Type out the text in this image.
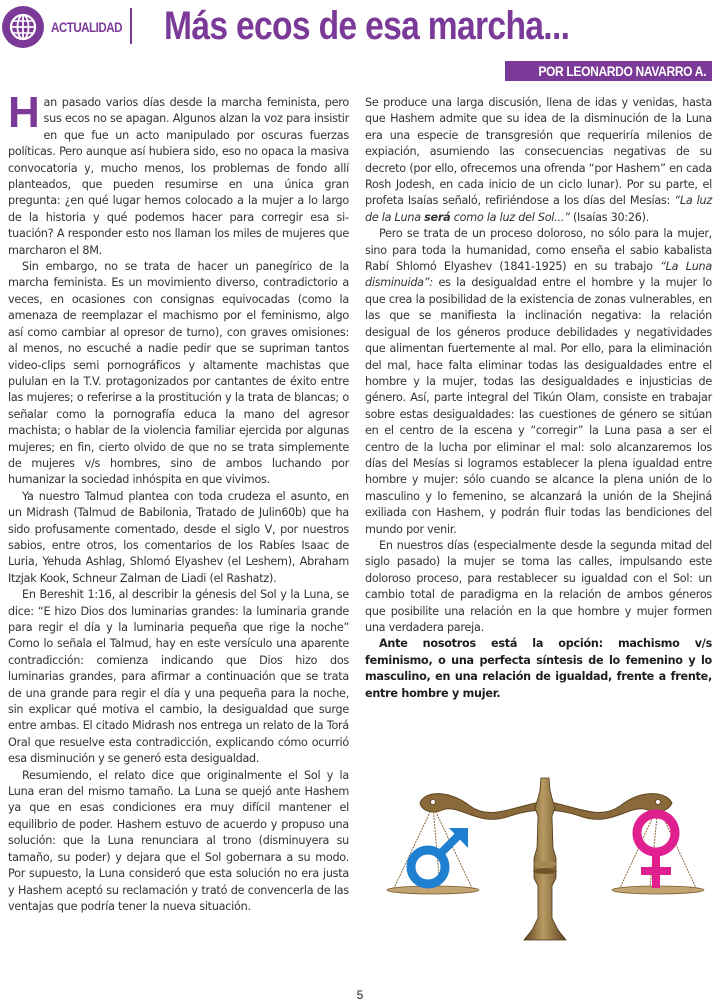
ACTUALIDAD Más ecos de esa marcha...
POR LEONARDO NAVARRO A.

Han pasado varios días desde la marcha feminista, pero sus ecos no se apagan. Algunos alzan la voz para insistir en que fue un acto manipulado por oscuras fuerzas políticas. Pero aunque así hubiera sido, eso no opaca la masiva convocatoria y, mucho menos, los problemas de fondo allí planteados, que pueden resumirse en una única gran pregunta: ¿en qué lugar hemos colocado a la mujer a lo largo de la historia y qué podemos hacer para corregir esa situación? A responder esto nos llaman los miles de mujeres que marcharon el 8M.

Sin embargo, no se trata de hacer un panegírico de la marcha feminista. Es un movimiento diverso, contradictorio a veces, en ocasiones con consignas equivocadas (como la amenaza de reemplazar el machismo por el feminismo, algo así como cambiar al opresor de turno), con graves omisiones: al menos, no escuché a nadie pedir que se supriman tantos video-clips semi pornográficos y altamente machistas que pululan en la T.V. protagonizados por cantantes de éxito entre las mujeres; o referirse a la prostitución y la trata de blancas; o señalar como la pornografía educa la mano del agresor machista; o hablar de la violencia familiar ejercida por algunas mujeres; en fin, cierto olvido de que no se trata simplemente de mujeres v/s hombres, sino de ambos luchando por humanizar la sociedad inhóspita en que vivimos.

Ya nuestro Talmud plantea con toda crudeza el asunto, en un Midrash (Talmud de Babilonia, Tratado de Julin60b) que ha sido profusamente comentado, desde el siglo V, por nuestros sabios, entre otros, los comentarios de los Rabíes Isaac de Luria, Yehuda Ashlag, Shlomó Elyashev (el Leshem), Abraham Itzjak Kook, Schneur Zalman de Liadi (el Rashatz).

En Bereshit 1:16, al describir la génesis del Sol y la Luna, se dice: “E hizo Dios dos luminarias grandes: la luminaria grande para regir el día y la luminaria pequeña que rige la noche” Como lo señala el Talmud, hay en este versículo una aparente contradicción: comienza indicando que Dios hizo dos luminarias grandes, para afirmar a continuación que se trata de una grande para regir el día y una pequeña para la noche, sin explicar qué motiva el cambio, la desigualdad que surge entre ambas. El citado Midrash nos entrega un relato de la Torá Oral que resuelve esta contradicción, explicando cómo ocurrió esa disminución y se generó esta desigualdad.

Resumiendo, el relato dice que originalmente el Sol y la Luna eran del mismo tamaño. La Luna se quejó ante Hashem ya que en esas condiciones era muy difícil mantener el equilibrio de poder. Hashem estuvo de acuerdo y propuso una solución: que la Luna renunciara al trono (disminuyera su tamaño, su poder) y dejara que el Sol gobernara a su modo. Por supuesto, la Luna consideró que esta solución no era justa y Hashem aceptó su reclamación y trató de convencerla de las ventajas que podría tener la nueva situación.

Se produce una larga discusión, llena de idas y venidas, hasta que Hashem admite que su idea de la disminución de la Luna era una especie de transgresión que requeriría milenios de expiación, asumiendo las consecuencias negativas de su decreto (por ello, ofrecemos una ofrenda “por Hashem” en cada Rosh Jodesh, en cada inicio de un ciclo lunar). Por su parte, el profeta Isaías señaló, refiriéndose a los días del Mesías: “La luz de la Luna será como la luz del Sol...” (Isaías 30:26).

Pero se trata de un proceso doloroso, no sólo para la mujer, sino para toda la humanidad, como enseña el sabio kabalista Rabí Shlomó Elyashev (1841-1925) en su trabajo “La Luna disminuida”: es la desigualdad entre el hombre y la mujer lo que crea la posibilidad de la existencia de zonas vulnerables, en las que se manifiesta la inclinación negativa: la relación desigual de los géneros produce debilidades y negatividades que alimentan fuertemente al mal. Por ello, para la eliminación del mal, hace falta eliminar todas las desigualdades entre el hombre y la mujer, todas las desigualdades e injusticias de género. Así, parte integral del Tikún Olam, consiste en trabajar sobre estas desigualdades: las cuestiones de género se sitúan en el centro de la escena y “corregir” la Luna pasa a ser el centro de la lucha por eliminar el mal: solo alcanzaremos los días del Mesías si logramos establecer la plena igualdad entre hombre y mujer: sólo cuando se alcance la plena unión de lo masculino y lo femenino, se alcanzará la unión de la Shejiná exiliada con Hashem, y podrán fluir todas las bendiciones del mundo por venir.

En nuestros días (especialmente desde la segunda mitad del siglo pasado) la mujer se toma las calles, impulsando este doloroso proceso, para restablecer su igualdad con el Sol: un cambio total de paradigma en la relación de ambos géneros que posibilite una relación en la que hombre y mujer formen una verdadera pareja.

Ante nosotros está la opción: machismo v/s feminismo, o una perfecta síntesis de lo femenino y lo masculino, en una relación de igualdad, frente a frente, entre hombre y mujer.

5
